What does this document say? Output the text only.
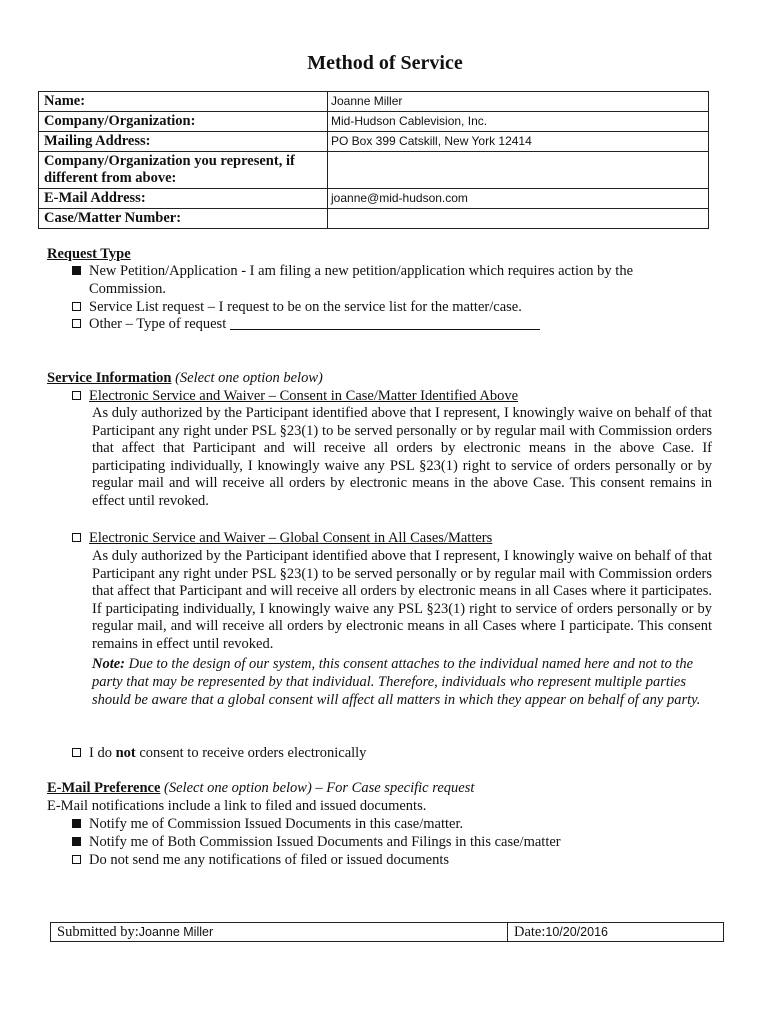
Method of Service
Name:	Joanne Miller
Company/Organization:	Mid-Hudson Cablevision, Inc.
Mailing Address:	PO Box 399 Catskill, New York 12414
Company/Organization you represent, if different from above:	
E-Mail Address:	joanne@mid-hudson.com
Case/Matter Number:	
Request Type
New Petition/Application - I am filing a new petition/application which requires action by the Commission.
Service List request – I request to be on the service list for the matter/case.
Other – Type of request
Service Information (Select one option below)
Electronic Service and Waiver – Consent in Case/Matter Identified Above
As duly authorized by the Participant identified above that I represent, I knowingly waive on behalf of that Participant any right under PSL §23(1) to be served personally or by regular mail with Commission orders that affect that Participant and will receive all orders by electronic means in the above Case. If participating individually, I knowingly waive any PSL §23(1) right to service of orders personally or by regular mail and will receive all orders by electronic means in the above Case. This consent remains in effect until revoked.
Electronic Service and Waiver – Global Consent in All Cases/Matters
As duly authorized by the Participant identified above that I represent, I knowingly waive on behalf of that Participant any right under PSL §23(1) to be served personally or by regular mail with Commission orders that affect that Participant and will receive all orders by electronic means in all Cases where it participates. If participating individually, I knowingly waive any PSL §23(1) right to service of orders personally or by regular mail, and will receive all orders by electronic means in all Cases where I participate. This consent remains in effect until revoked.
Note: Due to the design of our system, this consent attaches to the individual named here and not to the party that may be represented by that individual. Therefore, individuals who represent multiple parties should be aware that a global consent will affect all matters in which they appear on behalf of any party.
I do not consent to receive orders electronically
E-Mail Preference (Select one option below) – For Case specific request
E-Mail notifications include a link to filed and issued documents.
Notify me of Commission Issued Documents in this case/matter.
Notify me of Both Commission Issued Documents and Filings in this case/matter
Do not send me any notifications of filed or issued documents
Submitted by:Joanne Miller	Date:10/20/2016
